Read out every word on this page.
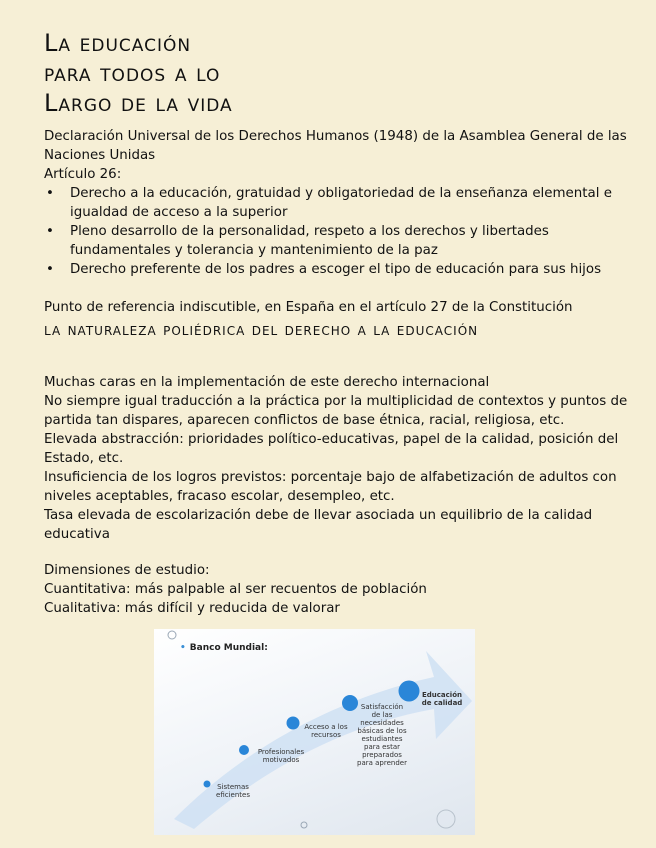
La educación
para todos a lo
Largo de la vida

Declaración Universal de los Derechos Humanos (1948) de la Asamblea General de las
Naciones Unidas

Artículo 26:

• Derecho a la educación, gratuidad y obligatoriedad de la enseñanza elemental e igualdad de acceso a la superior
• Pleno desarrollo de la personalidad, respeto a los derechos y libertades fundamentales y tolerancia y mantenimiento de la paz
• Derecho preferente de los padres a escoger el tipo de educación para sus hijos

Punto de referencia indiscutible, en España en el artículo 27 de la Constitución

la naturaleza poliédrica del derecho a la educación

Muchas caras en la implementación de este derecho internacional

No siempre igual traducción a la práctica por la multiplicidad de contextos y puntos de partida tan dispares, aparecen conflictos de base étnica, racial, religiosa, etc.

Elevada abstracción: prioridades político-educativas, papel de la calidad, posición del Estado, etc.

Insuficiencia de los logros previstos: porcentaje bajo de alfabetización de adultos con niveles aceptables, fracaso escolar, desempleo, etc.

Tasa elevada de escolarización debe de llevar asociada un equilibrio de la calidad educativa

Dimensiones de estudio:

Cuantitativa: más palpable al ser recuentos de población

Cualitativa: más difícil y reducida de valorar

• Banco Mundial:
Sistemas eficientes
Profesionales motivados
Acceso a los recursos
Satisfacción de las necesidades básicas de los estudiantes para estar preparados para aprender
Educación de calidad
